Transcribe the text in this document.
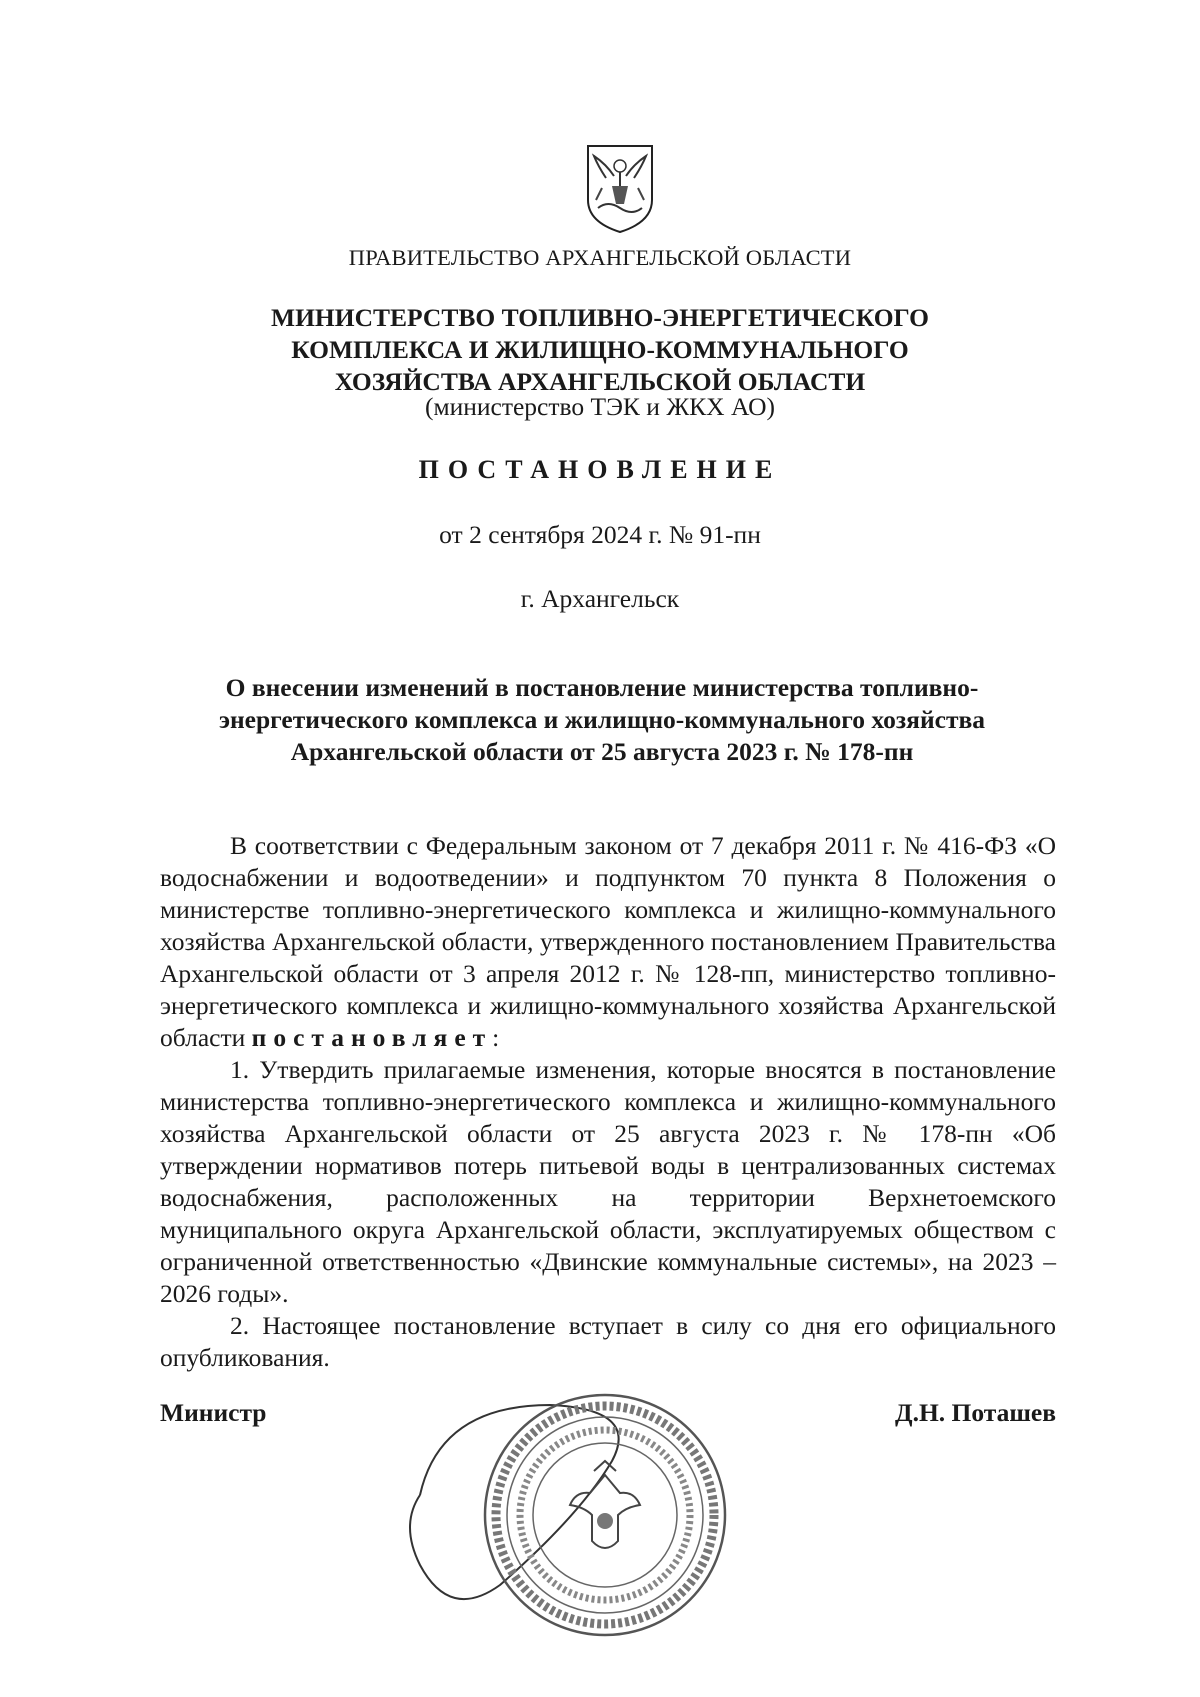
ПРАВИТЕЛЬСТВО АРХАНГЕЛЬСКОЙ ОБЛАСТИ
МИНИСТЕРСТВО ТОПЛИВНО-ЭНЕРГЕТИЧЕСКОГО
КОМПЛЕКСА И ЖИЛИЩНО-КОММУНАЛЬНОГО
ХОЗЯЙСТВА АРХАНГЕЛЬСКОЙ ОБЛАСТИ
(министерство ТЭК и ЖКХ АО)
ПОСТАНОВЛЕНИЕ
от 2 сентября 2024 г. № 91-пн
г. Архангельск
О внесении изменений в постановление министерства топливно-
энергетического комплекса и жилищно-коммунального хозяйства
Архангельской области от 25 августа 2023 г. № 178-пн

В соответствии с Федеральным законом от 7 декабря 2011 г. № 416-ФЗ «О водоснабжении и водоотведении» и подпунктом 70 пункта 8 Положения о министерстве топливно-энергетического комплекса и жилищно-коммунального хозяйства Архангельской области, утвержденного постановлением Правительства Архангельской области от 3 апреля 2012 г. № 128-пп, министерство топливно-энергетического комплекса и жилищно-коммунального хозяйства Архангельской области постановляет:

1. Утвердить прилагаемые изменения, которые вносятся в постановление министерства топливно-энергетического комплекса и жилищно-коммунального хозяйства Архангельской области от 25 августа 2023 г. № 178-пн «Об утверждении нормативов потерь питьевой воды в централизованных системах водоснабжения, расположенных на территории Верхнетоемского муниципального округа Архангельской области, эксплуатируемых обществом с ограниченной ответственностью «Двинские коммунальные системы», на 2023 – 2026 годы».

2. Настоящее постановление вступает в силу со дня его официального опубликования.

Министр	Д.Н. Поташев
